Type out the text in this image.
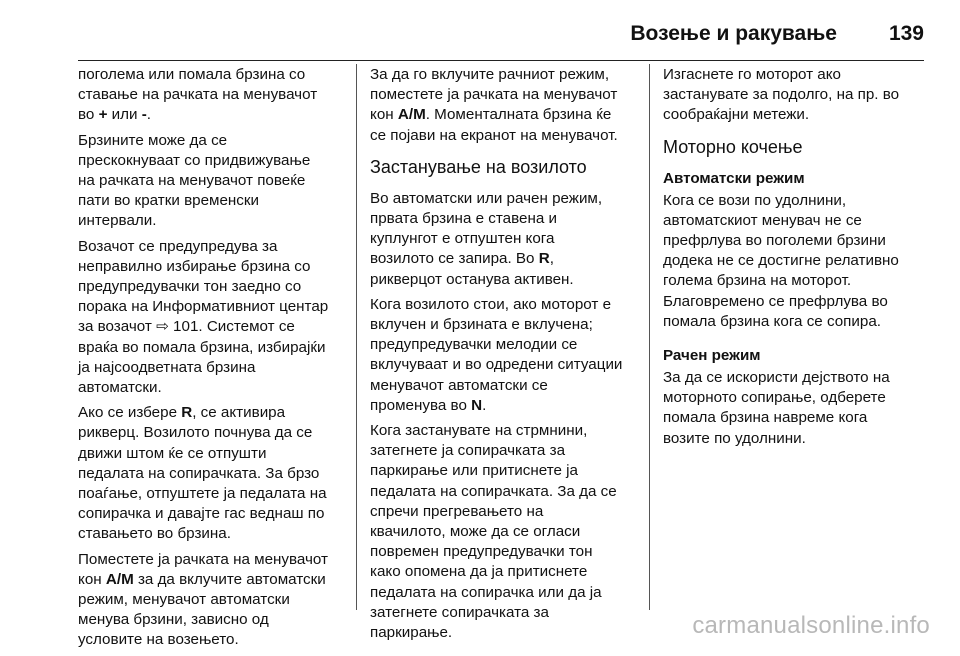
Возење и ракување 139

поголема или помала брзина со
ставање на рачката на менувачот
во + или -.

Брзините може да се
прескокнуваат со придвижување
на рачката на менувачот повеќе
пати во кратки временски
интервали.

Возачот се предупредува за
неправилно избирање брзина со
предупредувачки тон заедно со
порака на Информативниот центар
за возачот ⇨ 101. Системот се
враќа во помала брзина, избирајќи
ја најсоодветната брзина
автоматски.

Ако се избере R, се активира
рикверц. Возилото почнува да се
движи штом ќе се отпушти
педалата на сопирачката. За брзо
поаѓање, отпуштете ја педалата на
сопирачка и давајте гас веднаш по
ставањето во брзина.

Поместете ја рачката на менувачот
кон A/M за да вклучите автоматски
режим, менувачот автоматски
менува брзини, зависно од
условите на возењето.

За да го вклучите рачниот режим,
поместете ја рачката на менувачот
кон A/M. Моменталната брзина ќе
се појави на екранот на менувачот.

Застанување на возилото

Во автоматски или рачен режим,
првата брзина е ставена и
куплунгот е отпуштен кога
возилото се запира. Во R,
рикверцот останува активен.

Кога возилото стои, ако моторот е
вклучен и брзината е вклучена;
предупредувачки мелодии се
вклучуваат и во одредени ситуации
менувачот автоматски се
променува во N.

Кога застанувате на стрмнини,
затегнете ја сопирачката за
паркирање или притиснете ја
педалата на сопирачката. За да се
спречи прегревањето на
квачилото, може да се огласи
повремен предупредувачки тон
како опомена да ја притиснете
педалата на сопирачка или да ја
затегнете сопирачката за
паркирање.

Изгаснете го моторот ако
застанувате за подолго, на пр. во
сообраќајни метежи.

Моторно кочење
Автоматски режим

Кога се вози по удолнини,
автоматскиот менувач не се
префрлува во поголеми брзини
додека не се достигне релативно
голема брзина на моторот.
Благовремено се префрлува во
помала брзина кога се сопира.

Рачен режим

За да се искористи дејството на
моторното сопирање, одберете
помала брзина навреме кога
возите по удолнини.

carmanualsonline.info
